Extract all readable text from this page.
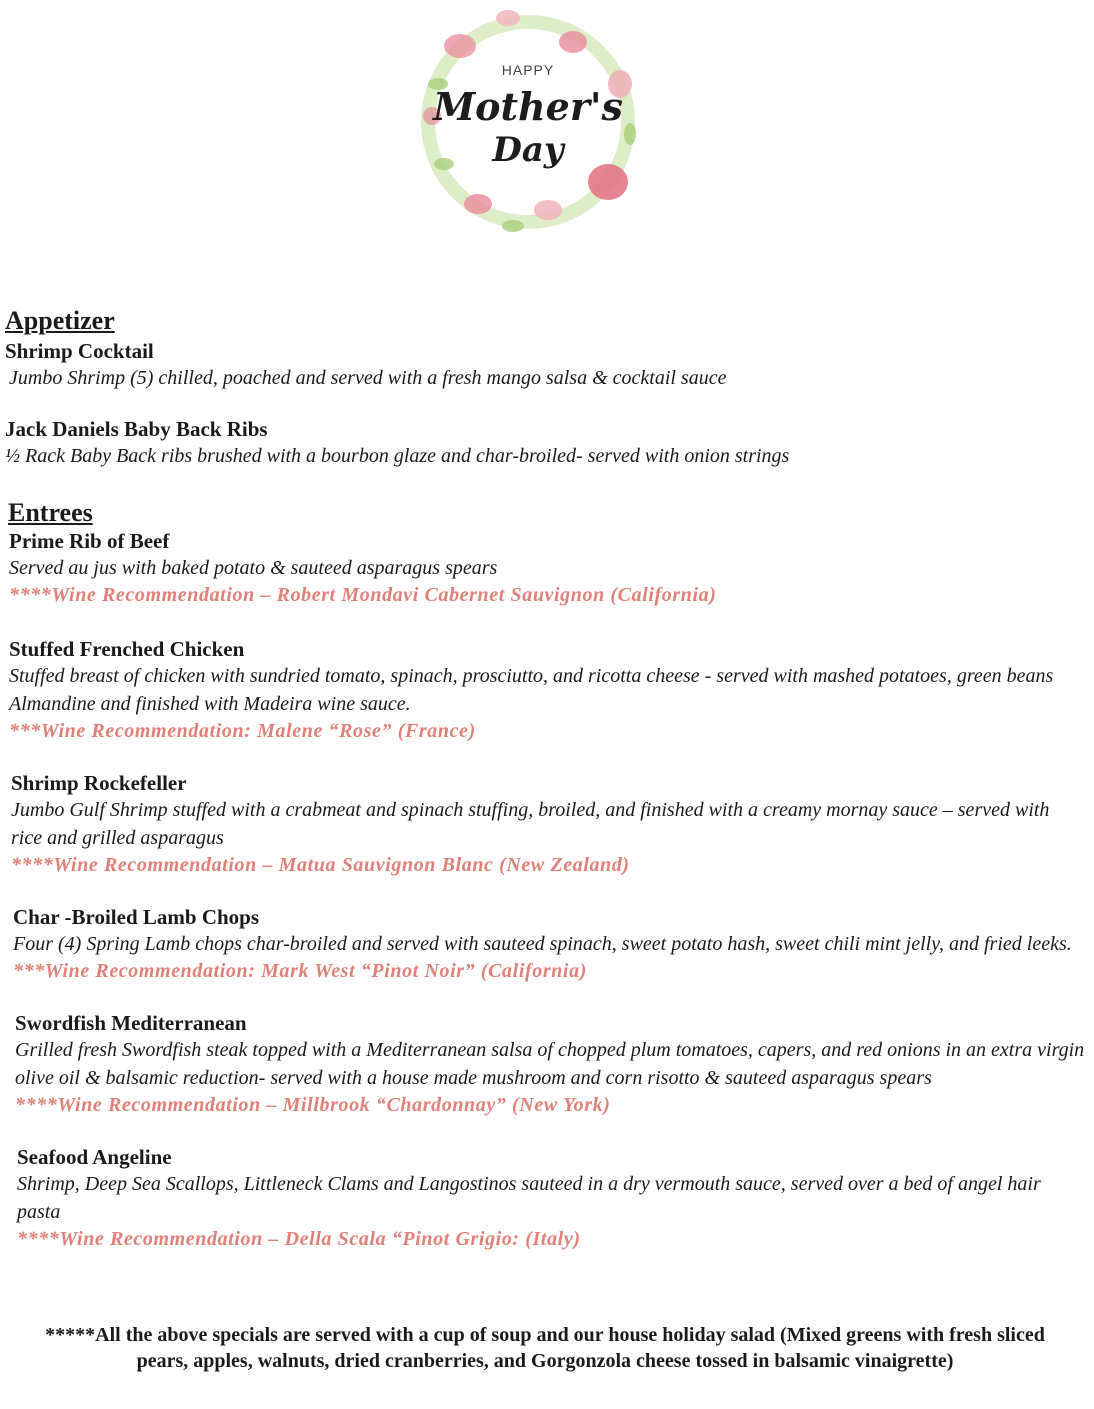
HAPPY
Mother's
Day
Appetizer
Shrimp Cocktail
Jumbo Shrimp (5) chilled, poached and served with a fresh mango salsa & cocktail sauce
Jack Daniels Baby Back Ribs
½ Rack Baby Back ribs brushed with a bourbon glaze and char-broiled- served with onion strings
Entrees
Prime Rib of Beef
Served au jus with baked potato & sauteed asparagus spears
****Wine Recommendation – Robert Mondavi Cabernet Sauvignon (California)
Stuffed Frenched Chicken
Stuffed breast of chicken with sundried tomato, spinach, prosciutto, and ricotta cheese - served with mashed potatoes, green beans Almandine and finished with Madeira wine sauce.
***Wine Recommendation: Malene “Rose” (France)
Shrimp Rockefeller
Jumbo Gulf Shrimp stuffed with a crabmeat and spinach stuffing, broiled, and finished with a creamy mornay sauce – served with rice and grilled asparagus
****Wine Recommendation – Matua Sauvignon Blanc (New Zealand)
Char -Broiled Lamb Chops
Four (4) Spring Lamb chops char-broiled and served with sauteed spinach, sweet potato hash, sweet chili mint jelly, and fried leeks.
***Wine Recommendation: Mark West “Pinot Noir” (California)
Swordfish Mediterranean
Grilled fresh Swordfish steak topped with a Mediterranean salsa of chopped plum tomatoes, capers, and red onions in an extra virgin olive oil & balsamic reduction- served with a house made mushroom and corn risotto & sauteed asparagus spears
****Wine Recommendation – Millbrook “Chardonnay” (New York)
Seafood Angeline
Shrimp, Deep Sea Scallops, Littleneck Clams and Langostinos sauteed in a dry vermouth sauce, served over a bed of angel hair pasta
****Wine Recommendation – Della Scala “Pinot Grigio: (Italy)
*****All the above specials are served with a cup of soup and our house holiday salad (Mixed greens with fresh sliced pears, apples, walnuts, dried cranberries, and Gorgonzola cheese tossed in balsamic vinaigrette)
